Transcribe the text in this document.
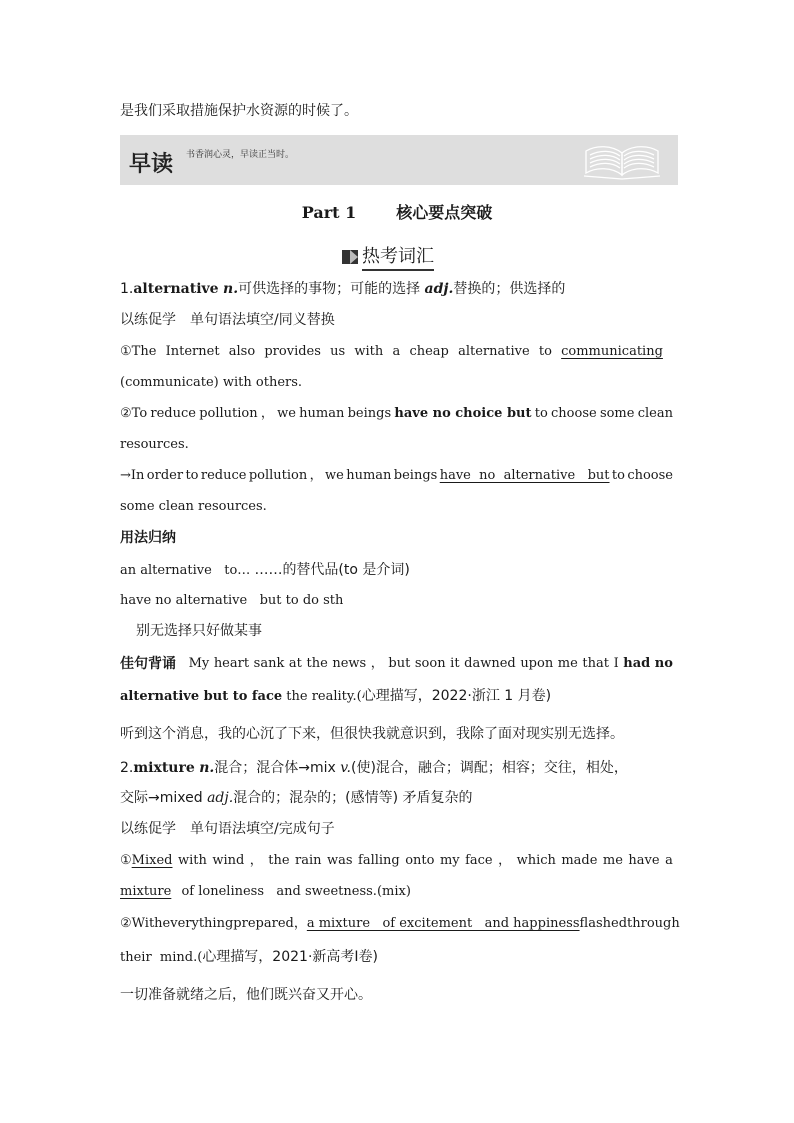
是我们采取措施保护水资源的时候了。
早读 书香润心灵，早读正当时。
Part 1	核心要点突破
热考词汇
1.alternative n.可供选择的事物；可能的选择 adj.替换的；供选择的
以练促学　单句语法填空/同义替换
①The Internet also provides us with a cheap alternative to communicating
(communicate) with others.
②To reduce pollution ， we human beings have no choice but to choose some clean
resources.
→In order to reduce pollution ， we human beings have  no  alternative   but to choose
some clean resources.
用法归纳
an alternative   to… ……的替代品(to 是介词)
have no alternative   but to do sth
别无选择只好做某事
佳句背诵 My heart sank at the news ， but soon it dawned upon me that I had no
alternative but to face the reality.(心理描写，2022·浙江 1 月卷)
听到这个消息，我的心沉了下来，但很快我就意识到，我除了面对现实别无选择。
2.mixture n.混合；混合体→mix v.(使)混合，融合；调配；相容；交往，相处，
交际→mixed adj.混合的；混杂的；(感情等) 矛盾复杂的
以练促学　单句语法填空/完成句子
①Mixed with wind ， the rain was falling onto my face ， which made me have a
mixture of loneliness   and sweetness.(mix)
②With everything prepared ， a mixture   of excitement   and happiness flashed through
their  mind.(心理描写，2021·新高考Ⅰ卷)
一切准备就绪之后，他们既兴奋又开心。
